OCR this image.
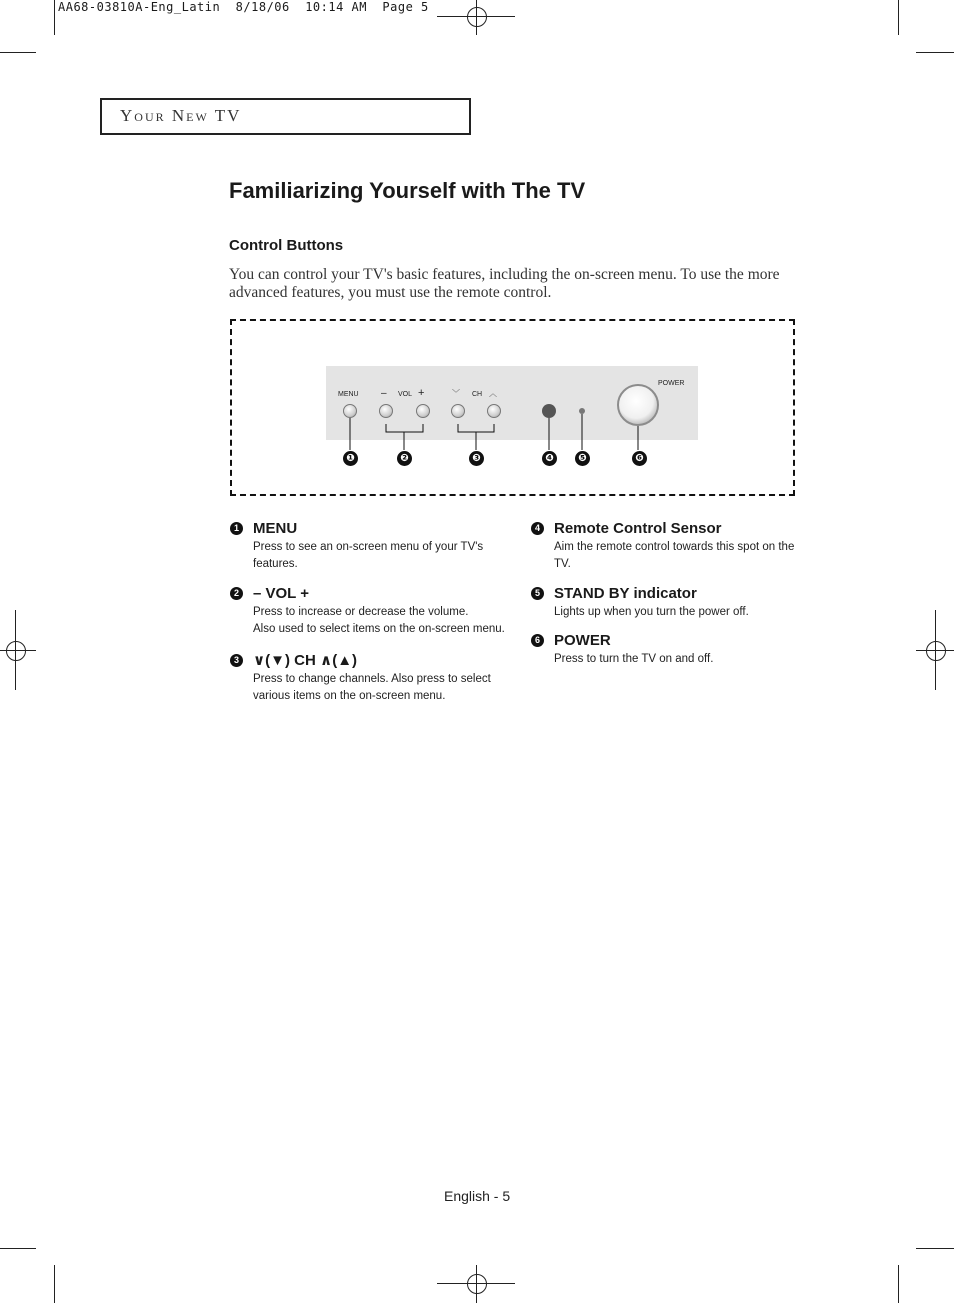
AA68-03810A-Eng_Latin  8/18/06  10:14 AM  Page 5
Your New TV
Familiarizing Yourself with The TV
Control Buttons

You can control your TV's basic features, including the on-screen menu. To use the more advanced features, you must use the remote control.

MENU – VOL +	﹀ CH ︿
POWER
❶	❷	❸	❹	❺	❻
1 MENU
Press to see an on-screen menu of your TV's
features.
2 – VOL +
Press to increase or decrease the volume.
Also used to select items on the on-screen menu.
3 ∨(▼) CH ∧(▲)
Press to change channels. Also press to select
various items on the on-screen menu.
4 Remote Control Sensor
Aim the remote control towards this spot on the
TV.
5 STAND BY indicator
Lights up when you turn the power off.
6 POWER
Press to turn the TV on and off.
English - 5
